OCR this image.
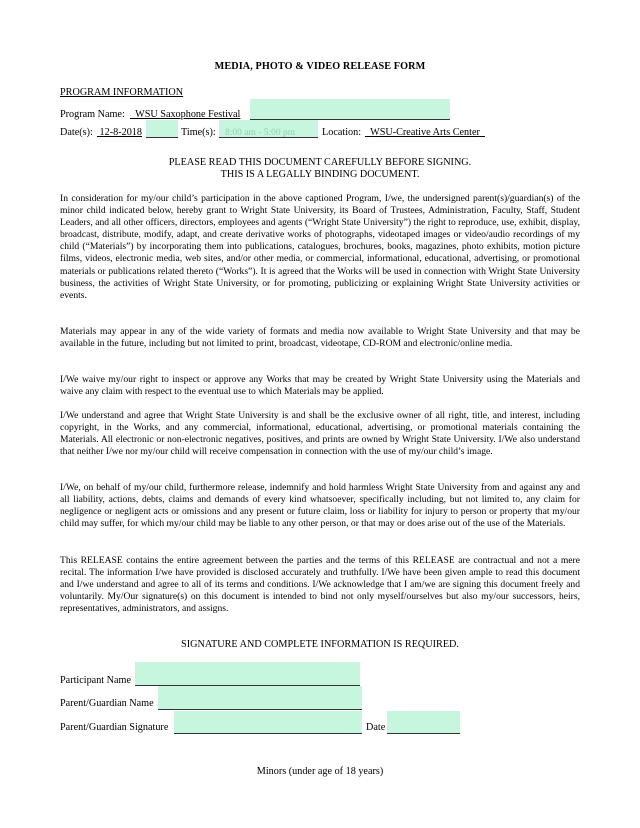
MEDIA, PHOTO & VIDEO RELEASE FORM
PROGRAM INFORMATION
Program Name:	WSU Saxophone Festival
Date(s): 12-8-2018	Time(s): 8:00 am - 5:00 pm	Location: WSU-Creative Arts Center
PLEASE READ THIS DOCUMENT CAREFULLY BEFORE SIGNING.
THIS IS A LEGALLY BINDING DOCUMENT.

In consideration for my/our child’s participation in the above captioned Program, I/we, the undersigned parent(s)/guardian(s) of the minor child indicated below, hereby grant to Wright State University, its Board of Trustees, Administration, Faculty, Staff, Student Leaders, and all other officers, directors, employees and agents (“Wright State University”) the right to reproduce, use, exhibit, display, broadcast, distribute, modify, adapt, and create derivative works of photographs, videotaped images or video/audio recordings of my child (“Materials”) by incorporating them into publications, catalogues, brochures, books, magazines, photo exhibits, motion picture films, videos, electronic media, web sites, and/or other media, or commercial, informational, educational, advertising, or promotional materials or publications related thereto (“Works”). It is agreed that the Works will be used in connection with Wright State University business, the activities of Wright State University, or for promoting, publicizing or explaining Wright State University activities or events.

Materials may appear in any of the wide variety of formats and media now available to Wright State University and that may be available in the future, including but not limited to print, broadcast, videotape, CD-ROM and electronic/online media.

I/We waive my/our right to inspect or approve any Works that may be created by Wright State University using the Materials and waive any claim with respect to the eventual use to which Materials may be applied.

I/We understand and agree that Wright State University is and shall be the exclusive owner of all right, title, and interest, including copyright, in the Works, and any commercial, informational, educational, advertising, or promotional materials containing the Materials. All electronic or non-electronic negatives, positives, and prints are owned by Wright State University. I/We also understand that neither I/we nor my/our child will receive compensation in connection with the use of my/our child’s image.

I/We, on behalf of my/our child, furthermore release, indemnify and hold harmless Wright State University from and against any and all liability, actions, debts, claims and demands of every kind whatsoever, specifically including, but not limited to, any claim for negligence or negligent acts or omissions and any present or future claim, loss or liability for injury to person or property that my/our child may suffer, for which my/our child may be liable to any other person, or that may or does arise out of the use of the Materials.

This RELEASE contains the entire agreement between the parties and the terms of this RELEASE are contractual and not a mere recital. The information I/we have provided is disclosed accurately and truthfully. I/We have been given ample to read this document and I/we understand and agree to all of its terms and conditions. I/We acknowledge that I am/we are signing this document freely and voluntarily. My/Our signature(s) on this document is intended to bind not only myself/ourselves but also my/our successors, heirs, representatives, administrators, and assigns.

SIGNATURE AND COMPLETE INFORMATION IS REQUIRED.
Participant Name
Parent/Guardian Name
Parent/Guardian Signature	Date
Minors (under age of 18 years)
